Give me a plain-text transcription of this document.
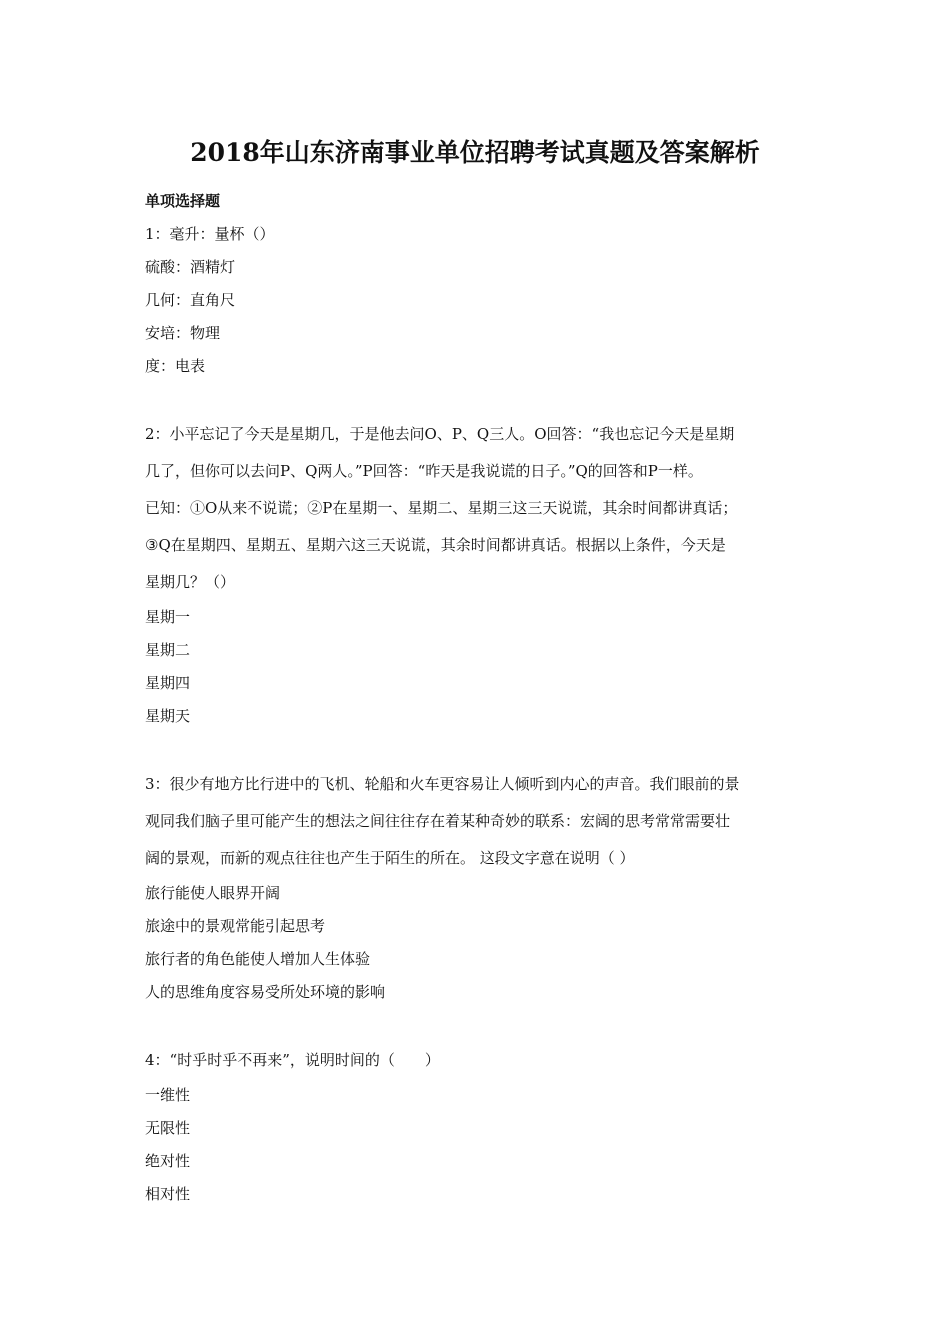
2018年山东济南事业单位招聘考试真题及答案解析
单项选择题
1：毫升：量杯（）
硫酸：酒精灯
几何：直角尺
安培：物理
度：电表
2：小平忘记了今天是星期几，于是他去问O、P、Q三人。O回答：“我也忘记今天是星期
几了，但你可以去问P、Q两人。”P回答：“昨天是我说谎的日子。”Q的回答和P一样。
已知：①O从来不说谎；②P在星期一、星期二、星期三这三天说谎，其余时间都讲真话；
③Q在星期四、星期五、星期六这三天说谎，其余时间都讲真话。根据以上条件，今天是
星期几？（）
星期一
星期二
星期四
星期天
3：很少有地方比行进中的飞机、轮船和火车更容易让人倾听到内心的声音。我们眼前的景
观同我们脑子里可能产生的想法之间往往存在着某种奇妙的联系：宏阔的思考常常需要壮
阔的景观，而新的观点往往也产生于陌生的所在。 这段文字意在说明（ ）
旅行能使人眼界开阔
旅途中的景观常能引起思考
旅行者的角色能使人增加人生体验
人的思维角度容易受所处环境的影响
4：“时乎时乎不再来”，说明时间的（　　）
一维性
无限性
绝对性
相对性
